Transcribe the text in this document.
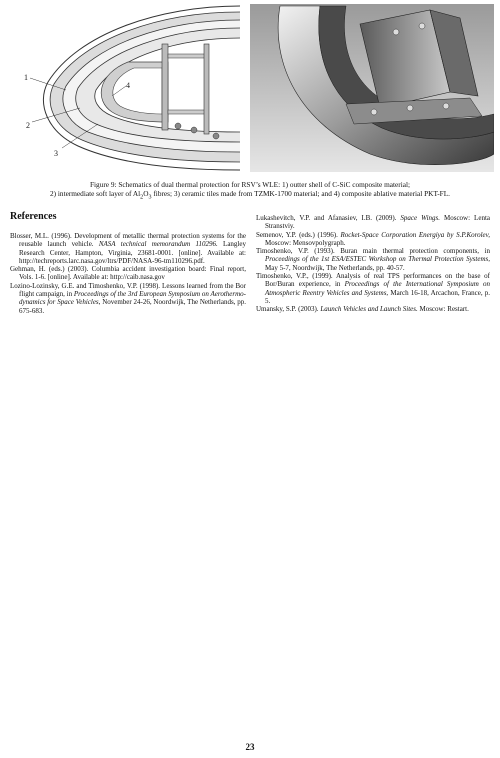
1
2
3
4
Figure 9: Schematics of dual thermal protection for RSV’s WLE: 1) outter shell of C-SiC composite material;
2) intermediate soft layer of $Al_2O_3$ fibres; 3) ceramic tiles made from TZMK-1700 material; and 4) composite ablative material PKT-FL.
References

Blosser, M.L. (1996). Development of metallic thermal protection systems for the reusable launch vehicle. NASA technical memorandum 110296. Langley Research Center, Hampton, Virginia, 23681-0001. [online]. Available at: http://techreports.larc.nasa.gov/ltrs/PDF/NASA-96-tm110296.pdf.

Gehman, H. (eds.) (2003). Columbia accident investigation board: Final report, Vols. 1-6. [online]. Available at: http://caib.nasa.gov

Lozino-Lozinsky, G.E. and Timoshenko, V.P. (1998). Lessons learned from the Bor flight campaign, in Proceedings of the 3rd European Symposium on Aerothermo-dynamics for Space Vehicles, November 24-26, Noordwijk, The Netherlands, pp. 675-683.

Lukashevitch, V.P. and Afanasiev, I.B. (2009). Space Wings. Moscow: Lenta Stranstviy.

Semenov, Y.P. (eds.) (1996). Rocket-Space Corporation Energiya by S.P.Korolev, Moscow: Mensovpolygraph.

Timoshenko, V.P. (1993). Buran main thermal protection components, in Proceedings of the 1st ESA/ESTEC Workshop on Thermal Protection Systems, May 5-7, Noordwijk, The Netherlands, pp. 40-57.

Timoshenko, V.P., (1999). Analysis of real TPS performances on the base of Bor/Buran experience, in Proceedings of the International Symposium on Atmospheric Reentry Vehicles and Systems, March 16-18, Arcachon, France, p. 5.

Umansky, S.P. (2003). Launch Vehicles and Launch Sites. Moscow: Restart.

23
